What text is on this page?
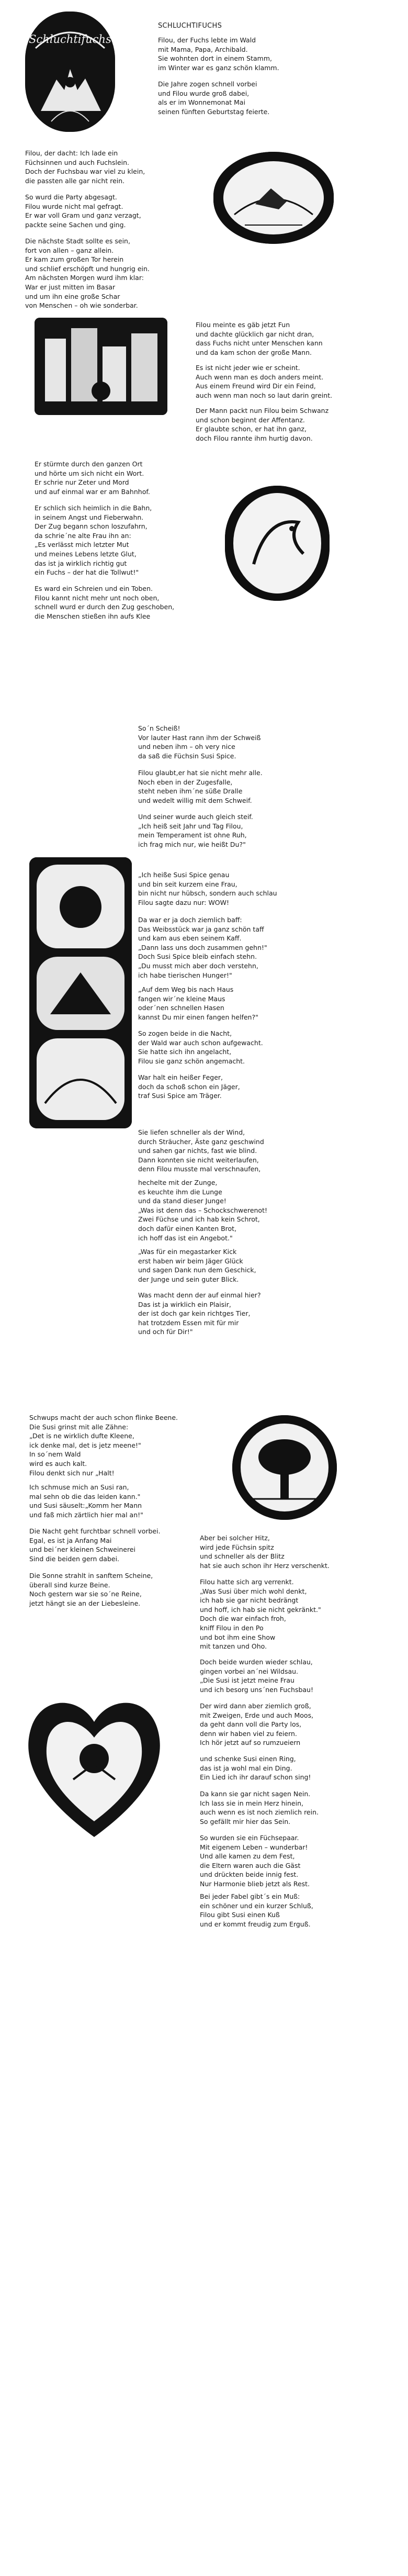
Schluchtifuchs
SCHLUCHTIFUCHS
Filou, der Fuchs lebte im Wald
mit Mama, Papa, Archibald.
Sie wohnten dort in einem Stamm,
im Winter war es ganz schön klamm.
Die Jahre zogen schnell vorbei
und Filou wurde groß dabei,
als er im Wonnemonat Mai
seinen fünften Geburtstag feierte.
Filou, der dacht: Ich lade ein
Füchsinnen und auch Fuchslein.
Doch der Fuchsbau war viel zu klein,
die passten alle gar nicht rein.
So wurd die Party abgesagt.
Filou wurde nicht mal gefragt.
Er war voll Gram und ganz verzagt,
packte seine Sachen und ging.
Die nächste Stadt sollte es sein,
fort von allen – ganz allein.
Er kam zum großen Tor herein
und schlief erschöpft und hungrig ein.
Am nächsten Morgen wurd ihm klar:
War er just mitten im Basar
und um ihn eine große Schar
von Menschen – oh wie sonderbar.
Filou meinte es gäb jetzt Fun
und dachte glücklich gar nicht dran,
dass Fuchs nicht unter Menschen kann
und da kam schon der große Mann.
Es ist nicht jeder wie er scheint.
Auch wenn man es doch anders meint.
Aus einem Freund wird Dir ein Feind,
auch wenn man noch so laut darin greint.
Der Mann packt nun Filou beim Schwanz
und schon beginnt der Affentanz.
Er glaubte schon, er hat ihn ganz,
doch Filou rannte ihm hurtig davon.
Er stürmte durch den ganzen Ort
und hörte um sich nicht ein Wort.
Er schrie nur Zeter und Mord
und auf einmal war er am Bahnhof.
Er schlich sich heimlich in die Bahn,
in seinem Angst und Fieberwahn.
Der Zug begann schon loszufahrn,
da schrie´ne alte Frau ihn an:
„Es verlässt mich letzter Mut
und meines Lebens letzte Glut,
das ist ja wirklich richtig gut
ein Fuchs – der hat die Tollwut!"
Es ward ein Schreien und ein Toben.
Filou kannt nicht mehr unt noch oben,
schnell wurd er durch den Zug geschoben,
die Menschen stießen ihn aufs Klee
So´n Scheiß!
Vor lauter Hast rann ihm der Schweiß
und neben ihm – oh very nice
da saß die Füchsin Susi Spice.
Filou glaubt,er hat sie nicht mehr alle.
Noch eben in der Zugesfalle,
steht neben ihm´ne süße Dralle
und wedelt willig mit dem Schweif.
Und seiner wurde auch gleich steif.
„Ich heiß seit Jahr und Tag Filou,
mein Temperament ist ohne Ruh,
ich frag mich nur, wie heißt Du?"
„Ich heiße Susi Spice genau
und bin seit kurzem eine Frau,
bin nicht nur hübsch, sondern auch schlau
Filou sagte dazu nur: WOW!
Da war er ja doch ziemlich baff:
Das Weibsstück war ja ganz schön taff
und kam aus eben seinem Kaff.
„Dann lass uns doch zusammen gehn!"
Doch Susi Spice bleib einfach stehn.
„Du musst mich aber doch verstehn,
ich habe tierischen Hunger!"
„Auf dem Weg bis nach Haus
fangen wir´ne kleine Maus
oder´nen schnellen Hasen
kannst Du mir einen fangen helfen?"
So zogen beide in die Nacht,
der Wald war auch schon aufgewacht.
Sie hatte sich ihn angelacht,
Filou sie ganz schön angemacht.
War halt ein heißer Feger,
doch da schoß schon ein Jäger,
traf Susi Spice am Träger.
Sie liefen schneller als der Wind,
durch Sträucher, Äste ganz geschwind
und sahen gar nichts, fast wie blind.
Dann konnten sie nicht weiterlaufen,
denn Filou musste mal verschnaufen,
hechelte mit der Zunge,
es keuchte ihm die Lunge
und da stand dieser Junge!
„Was ist denn das – Schockschwerenot!
Zwei Füchse und ich hab kein Schrot,
doch dafür einen Kanten Brot,
ich hoff das ist ein Angebot."
„Was für ein megastarker Kick
erst haben wir beim Jäger Glück
und sagen Dank nun dem Geschick,
der Junge und sein guter Blick.
Was macht denn der auf einmal hier?
Das ist ja wirklich ein Plaisir,
der ist doch gar kein richtges Tier,
hat trotzdem Essen mit für mir
und och für Dir!"
Schwups macht der auch schon flinke Beene.
Die Susi grinst mit alle Zähne:
„Det is ne wirklich dufte Kleene,
ick denke mal, det is jetz meene!"
In so´nem Wald
wird es auch kalt.
Filou denkt sich nur „Halt!
Ich schmuse mich an Susi ran,
mal sehn ob die das leiden kann."
und Susi säuselt:„Komm her Mann
und faß mich zärtlich hier mal an!"
Die Nacht geht furchtbar schnell vorbei.
Egal, es ist ja Anfang Mai
und bei´ner kleinen Schweinerei
Sind die beiden gern dabei.
Die Sonne strahlt in sanftem Scheine,
überall sind kurze Beine.
Noch gestern war sie so´ne Reine,
jetzt hängt sie an der Liebesleine.
Aber bei solcher Hitz,
wird jede Füchsin spitz
und schneller als der Blitz
hat sie auch schon ihr Herz verschenkt.
Filou hatte sich arg verrenkt.
„Was Susi über mich wohl denkt,
ich hab sie gar nicht bedrängt
und hoff, ich hab sie nicht gekränkt."
Doch die war einfach froh,
kniff Filou in den Po
und bot ihm eine Show
mit tanzen und Oho.
Doch beide wurden wieder schlau,
gingen vorbei an´nei Wildsau.
„Die Susi ist jetzt meine Frau
und ich besorg uns´nen Fuchsbau!
Der wird dann aber ziemlich groß,
mit Zweigen, Erde und auch Moos,
da geht dann voll die Party los,
denn wir haben viel zu feiern.
Ich hör jetzt auf so rumzueiern
und schenke Susi einen Ring,
das ist ja wohl mal ein Ding.
Ein Lied ich ihr darauf schon sing!
Da kann sie gar nicht sagen Nein.
Ich lass sie in mein Herz hinein,
auch wenn es ist noch ziemlich rein.
So gefällt mir hier das Sein.
So wurden sie ein Füchsepaar.
Mit eigenem Leben – wunderbar!
Und alle kamen zu dem Fest,
die Eltern waren auch die Gäst
und drückten beide innig fest.
Nur Harmonie blieb jetzt als Rest.
Bei jeder Fabel gibt´s ein Muß:
ein schöner und ein kurzer Schluß,
Filou gibt Susi einen Kuß
und er kommt freudig zum Erguß.
